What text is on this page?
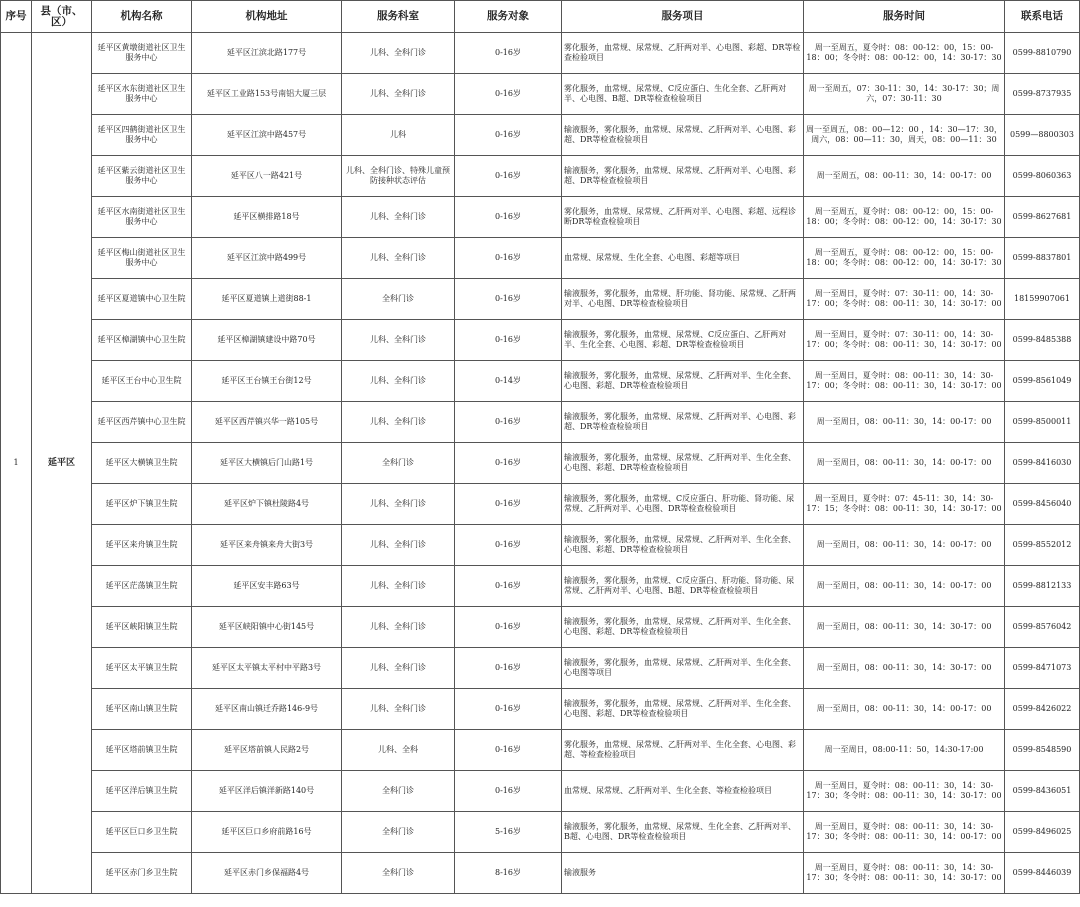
序号	县（市、区）	机构名称	机构地址	服务科室	服务对象	服务项目	服务时间	联系电话
1	延平区	延平区黄墩街道社区卫生服务中心	延平区江滨北路177号	儿科、全科门诊	0-16岁	雾化服务，血常规、尿常规、乙肝两对半、心电图、彩超、DR等检查检验项目	周一至周五，夏令时：08：00-12：00，15：00-18：00；冬令时：08：00-12：00，14：30-17：30	0599-8810790
		延平区水东街道社区卫生服务中心	延平区工业路153号南铝大厦三层	儿科、全科门诊	0-16岁	雾化服务，血常规、尿常规、C反应蛋白、生化全套、乙肝两对半、心电图、B超、DR等检查检验项目	周一至周五，07：30-11：30，14：30-17：30；周六，07：30-11：30	0599-8737935
		延平区四鹤街道社区卫生服务中心	延平区江滨中路457号	儿科	0-16岁	输液服务，雾化服务，血常规、尿常规、乙肝两对半、心电图、彩超、DR等检查检验项目	周一至周五，08：00—12：00 ，14：30—17：30，周六，08：00—11：30，周天，08：00—11：30	0599—8800303
		延平区紫云街道社区卫生服务中心	延平区八一路421号	儿科、全科门诊、特殊儿童预防接种状态评估	0-16岁	输液服务，雾化服务，血常规、尿常规、乙肝两对半、心电图、彩超、DR等检查检验项目	周一至周五，08：00-11：30，14：00-17：00	0599-8060363
		延平区水南街道社区卫生服务中心	延平区横排路18号	儿科、全科门诊	0-16岁	雾化服务，血常规、尿常规、乙肝两对半、心电图、彩超、远程诊断DR等检查检验项目	周一至周五，夏令时：08：00-12：00，15：00-18：00；冬令时：08：00-12：00，14：30-17：30	0599-8627681
		延平区梅山街道社区卫生服务中心	延平区江滨中路499号	儿科、全科门诊	0-16岁	血常规、尿常规、生化全套、心电图、彩超等项目	周一至周五，夏令时：08：00-12：00，15：00-18：00；冬令时：08：00-12：00，14：30-17：30	0599-8837801
		延平区夏道镇中心卫生院	延平区夏道镇上道街88-1	全科门诊	0-16岁	输液服务，雾化服务，血常规、肝功能、肾功能、尿常规、乙肝两对半、心电图、DR等检查检验项目	周一至周日，夏令时：07：30-11：00，14：30-17：00；冬令时：08：00-11：30，14：30-17：00	18159907061
		延平区樟湖镇中心卫生院	延平区樟湖镇建设中路70号	儿科、全科门诊	0-16岁	输液服务，雾化服务，血常规、尿常规、C反应蛋白、乙肝两对半、生化全套、心电图、彩超、DR等检查检验项目	周一至周日，夏令时：07：30-11：00，14：30-17：00；冬令时：08：00-11：30，14：30-17：00	0599-8485388
		延平区王台中心卫生院	延平区王台镇王台街12号	儿科、全科门诊	0-14岁	输液服务，雾化服务，血常规、尿常规、乙肝两对半、生化全套、心电图、彩超、DR等检查检验项目	周一至周日，夏令时：08：00-11：30，14：30-17：00；冬令时：08：00-11：30，14：30-17：00	0599-8561049
		延平区西芹镇中心卫生院	延平区西芹镇兴华一路105号	儿科、全科门诊	0-16岁	输液服务，雾化服务，血常规、尿常规、乙肝两对半、心电图、彩超、DR等检查检验项目	周一至周日，08：00-11：30，14：00-17：00	0599-8500011
		延平区大横镇卫生院	延平区大横镇后门山路1号	全科门诊	0-16岁	输液服务，雾化服务，血常规、尿常规、乙肝两对半、生化全套、心电图、彩超、DR等检查检验项目	周一至周日，08：00-11：30，14：00-17：00	0599-8416030
		延平区炉下镇卫生院	延平区炉下镇杜陵路4号	儿科、全科门诊	0-16岁	输液服务，雾化服务，血常规、C反应蛋白、肝功能、肾功能、尿常规、乙肝两对半、心电图、DR等检查检验项目	周一至周日，夏令时：07：45-11：30，14：30-17：15；冬令时：08：00-11：30，14：30-17：00	0599-8456040
		延平区来舟镇卫生院	延平区来舟镇来舟大街3号	儿科、全科门诊	0-16岁	输液服务，雾化服务，血常规、尿常规、乙肝两对半、生化全套、心电图、彩超、DR等检查检验项目	周一至周日，08：00-11：30，14：00-17：00	0599-8552012
		延平区茫荡镇卫生院	延平区安丰路63号	儿科、全科门诊	0-16岁	输液服务，雾化服务，血常规、C反应蛋白、肝功能、肾功能、尿常规、乙肝两对半、心电图、B超、DR等检查检验项目	周一至周日，08：00-11：30，14：00-17：00	0599-8812133
		延平区峡阳镇卫生院	延平区峡阳镇中心街145号	儿科、全科门诊	0-16岁	输液服务，雾化服务，血常规、尿常规、乙肝两对半、生化全套、心电图、彩超、DR等检查检验项目	周一至周日，08：00-11：30，14：30-17：00	0599-8576042
		延平区太平镇卫生院	延平区太平镇太平村中平路3号	儿科、全科门诊	0-16岁	输液服务，雾化服务，血常规、尿常规、乙肝两对半、生化全套、心电图等项目	周一至周日，08：00-11：30，14：30-17：00	0599-8471073
		延平区南山镇卫生院	延平区南山镇迁乔路146-9号	儿科、全科门诊	0-16岁	输液服务，雾化服务，血常规、尿常规、乙肝两对半、生化全套、心电图、彩超、DR等检查检验项目	周一至周日，08：00-11：30，14：00-17：00	0599-8426022
		延平区塔前镇卫生院	延平区塔前镇人民路2号	儿科、全科	0-16岁	雾化服务，血常规、尿常规、乙肝两对半、生化全套、心电图、彩超、等检查检验项目	周一至周日，08:00-11：50，14:30-17:00	0599-8548590
		延平区洋后镇卫生院	延平区洋后镇洋新路140号	全科门诊	0-16岁	血常规、尿常规、乙肝两对半、生化全套、等检查检验项目	周一至周日，夏令时：08：00-11：30，14：30-17：30；冬令时：08：00-11：30，14：30-17：00	0599-8436051
		延平区巨口乡卫生院	延平区巨口乡府前路16号	全科门诊	5-16岁	输液服务，雾化服务，血常规、尿常规、生化全套、乙肝两对半、B超、心电图、DR等检查检验项目	周一至周日，夏令时：08：00-11：30，14：30-17：30；冬令时：08：00-11：30，14：00-17：00	0599-8496025
		延平区赤门乡卫生院	延平区赤门乡保福路4号	全科门诊	8-16岁	输液服务	周一至周日，夏令时：08：00-11：30，14：30-17：30；冬令时：08：00-11：30，14：30-17：00	0599-8446039
